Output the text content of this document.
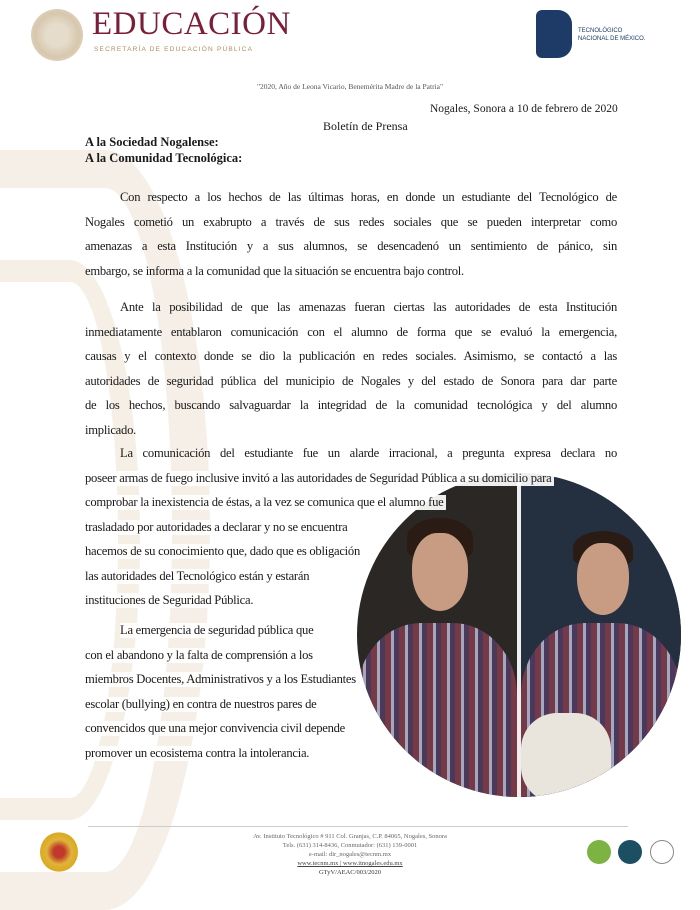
EDUCACIÓN
SECRETARÍA DE EDUCACIÓN PÚBLICA
TECNOLÓGICO
NACIONAL DE MÉXICO.
"2020, Año de Leona Vicario, Benemérita Madre de la Patria"
Nogales, Sonora a 10 de febrero de 2020
Boletín de Prensa
A la Sociedad Nogalense:
A la Comunidad Tecnológica:
Con respecto a los hechos de las últimas horas, en donde un estudiante del Tecnológico de
Nogales cometió un exabrupto a través de sus redes sociales que se pueden interpretar como
amenazas a esta Institución y a sus alumnos, se desencadenó un sentimiento de pánico, sin
embargo, se informa a la comunidad que la situación se encuentra bajo control.
Ante la posibilidad de que las amenazas fueran ciertas las autoridades de esta Institución
inmediatamente entablaron comunicación con el alumno de forma que se evaluó la emergencia,
causas y el contexto donde se dio la publicación en redes sociales. Asimismo, se contactó a las
autoridades de seguridad pública del municipio de Nogales y del estado de Sonora para dar parte
de los hechos, buscando salvaguardar la integridad de la comunidad tecnológica y del alumno
implicado.
La comunicación del estudiante fue un alarde irracional, a pregunta expresa declara no
poseer armas de fuego inclusive invitó a las autoridades de Seguridad Pública a su domicilio para
comprobar la inexistencia de éstas, a la vez se comunica que el alumno fue
trasladado por autoridades a declarar y no se encuentra
hacemos de su conocimiento que, dado que es obligación
las autoridades del Tecnológico están y estarán
instituciones de Seguridad Pública.
La emergencia de seguridad pública que
con el abandono y la falta de comprensión a los
miembros Docentes, Administrativos y a los Estudiantes
escolar (bullying) en contra de nuestros pares de
convencidos que una mejor convivencia civil depende
promover un ecosistema contra la intolerancia.
Av. Instituto Tecnológico # 911 Col. Granjas, C.P. 84065, Nogales, Sonora
Tels. (631) 314-8436, Conmutador: (631) 139-0001
e-mail: dir_nogales@tecnm.mx
www.tecnm.mx | www.itnogales.edu.mx
GTyV/AEAC/003/2020
